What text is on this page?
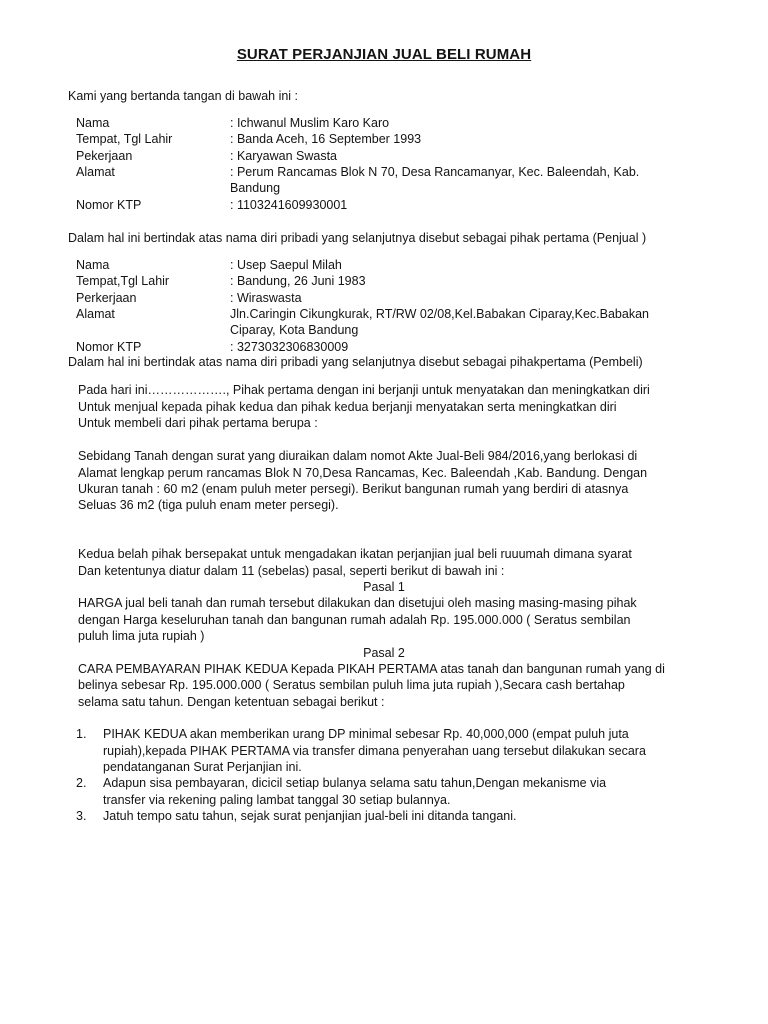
SURAT PERJANJIAN JUAL BELI RUMAH
Kami yang bertanda tangan di bawah ini :
Nama	: Ichwanul Muslim Karo Karo
Tempat, Tgl Lahir	: Banda Aceh, 16 September 1993
Pekerjaan	: Karyawan Swasta
Alamat	: Perum Rancamas Blok N 70, Desa Rancamanyar, Kec. Baleendah, Kab.
Bandung
Nomor KTP	: 1103241609930001
Dalam hal ini bertindak atas nama diri pribadi yang selanjutnya disebut sebagai pihak pertama (Penjual )
Nama	: Usep Saepul Milah
Tempat,Tgl Lahir	: Bandung, 26 Juni 1983
Perkerjaan	: Wiraswasta
Alamat	Jln.Caringin Cikungkurak, RT/RW 02/08,Kel.Babakan Ciparay,Kec.Babakan
Ciparay, Kota Bandung
Nomor KTP	: 3273032306830009
Dalam hal ini bertindak atas nama diri pribadi yang selanjutnya disebut sebagai pihakpertama (Pembeli)
Pada hari ini………………., Pihak pertama dengan ini berjanji untuk menyatakan dan meningkatkan diri
Untuk menjual kepada pihak kedua dan pihak kedua berjanji menyatakan serta meningkatkan diri
Untuk membeli dari pihak pertama berupa :
Sebidang Tanah dengan surat yang diuraikan dalam nomot Akte Jual-Beli 984/2016,yang berlokasi di
Alamat lengkap perum rancamas Blok N 70,Desa Rancamas, Kec. Baleendah ,Kab. Bandung. Dengan
Ukuran tanah : 60 m2 (enam puluh meter persegi). Berikut bangunan rumah yang berdiri di atasnya
Seluas 36 m2 (tiga puluh enam meter persegi).
Kedua belah pihak bersepakat untuk mengadakan ikatan perjanjian jual beli ruuumah dimana syarat
Dan ketentunya diatur dalam 11 (sebelas) pasal, seperti berikut di bawah ini :
Pasal 1
HARGA jual beli tanah dan rumah tersebut dilakukan dan disetujui oleh masing masing-masing pihak
dengan Harga keseluruhan tanah dan bangunan rumah adalah Rp. 195.000.000 ( Seratus sembilan
puluh lima juta rupiah )
Pasal 2
CARA PEMBAYARAN PIHAK KEDUA Kepada PIKAH PERTAMA atas tanah dan bangunan rumah yang di
belinya sebesar Rp. 195.000.000 ( Seratus sembilan puluh lima juta rupiah ),Secara cash bertahap
selama satu tahun. Dengan ketentuan sebagai berikut :
1. PIHAK KEDUA akan memberikan urang DP minimal sebesar Rp. 40,000,000 (empat puluh juta
rupiah),kepada PIHAK PERTAMA via transfer dimana penyerahan uang tersebut dilakukan secara
pendatanganan Surat Perjanjian ini.
2. Adapun sisa pembayaran, dicicil setiap bulanya selama satu tahun,Dengan mekanisme via
transfer via rekening paling lambat tanggal 30 setiap bulannya.
3. Jatuh tempo satu tahun, sejak surat penjanjian jual-beli ini ditanda tangani.
